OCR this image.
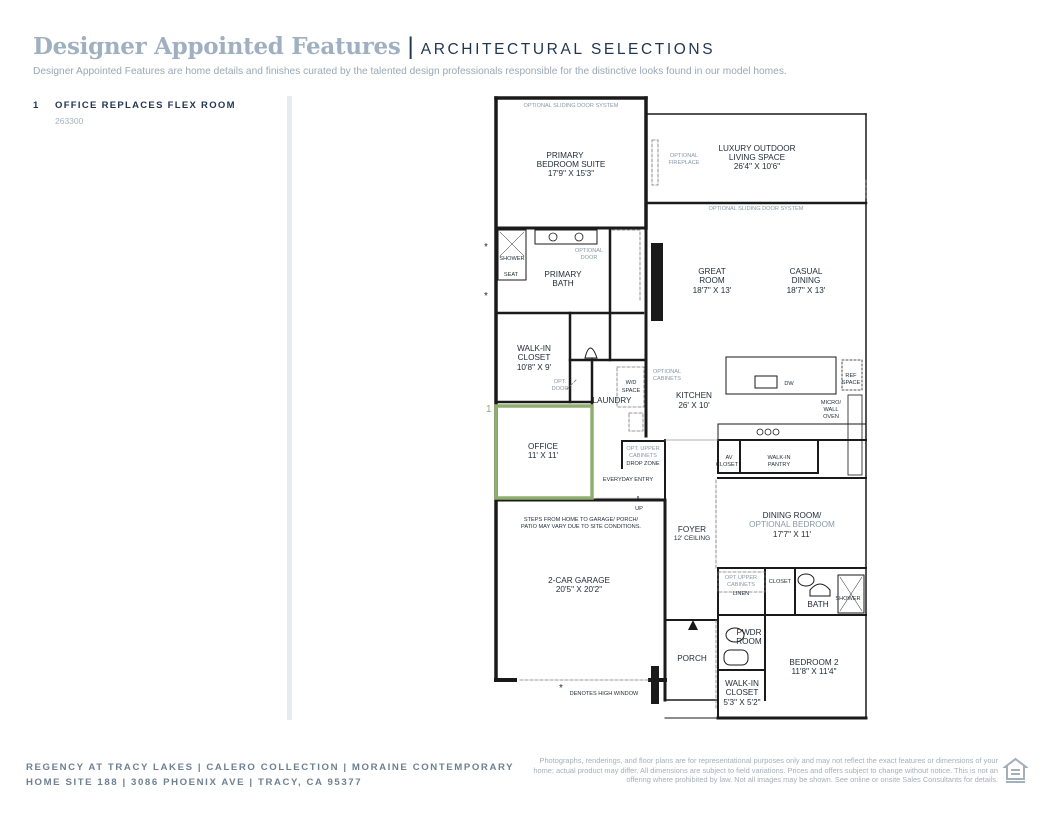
Designer Appointed Features | ARCHITECTURAL SELECTIONS
Designer Appointed Features are home details and finishes curated by the talented design professionals responsible for the distinctive looks found in our model homes.
1 OFFICE REPLACES FLEX ROOM
263300
1
PRIMARY
BEDROOM SUITE
17'9" X 15'3"
LUXURY OUTDOOR
LIVING SPACE
26'4" X 10'6"
PRIMARY
BATH
GREAT
ROOM
18'7" X 13'
CASUAL
DINING
18'7" X 13'
WALK-IN
CLOSET
10'8" X 9'
KITCHEN
26' X 10'
LAUNDRY
OFFICE
11' X 11'
2-CAR GARAGE
20'5" X 20'2"
FOYER
12' CEILING
DINING ROOM/
OPTIONAL BEDROOM
17'7" X 11'
BATH
PWDR
ROOM
PORCH	BEDROOM 2
11'8" X 11'4"
WALK-IN
CLOSET
5'3" X 5'2"
OPTIONAL SLIDING DOOR SYSTEM
OPTIONAL SLIDING DOOR SYSTEM
OPTIONAL
FIREPLACE
SHOWER
SEAT
OPTIONAL
DOOR
OPT.
DOOR
W/D
SPACE
OPTIONAL
CABINETS
DW
REF
SPACE
MICRO/
WALL
OVEN
OPT. UPPER
CABINETS
DROP ZONE
AV
CLOSET
WALK-IN
PANTRY
EVERYDAY ENTRY
UP
STEPS FROM HOME TO GARAGE/ PORCH/
PATIO MAY VARY DUE TO SITE CONDITIONS.
OPT UPPER
CABINETS
LINEN
CLOSET
SHOWER
DENOTES HIGH WINDOW
*
*
*
REGENCY AT TRACY LAKES | CALERO COLLECTION | MORAINE CONTEMPORARY
HOME SITE 188 | 3086 PHOENIX AVE | TRACY, CA 95377
Photographs, renderings, and floor plans are for representational purposes only and may not reflect the exact features or dimensions of your home; actual product may differ. All dimensions are subject to field variations. Prices and offers subject to change without notice. This is not an offering where prohibited by law. Not all images may be shown. See online or onsite Sales Consultants for details.
